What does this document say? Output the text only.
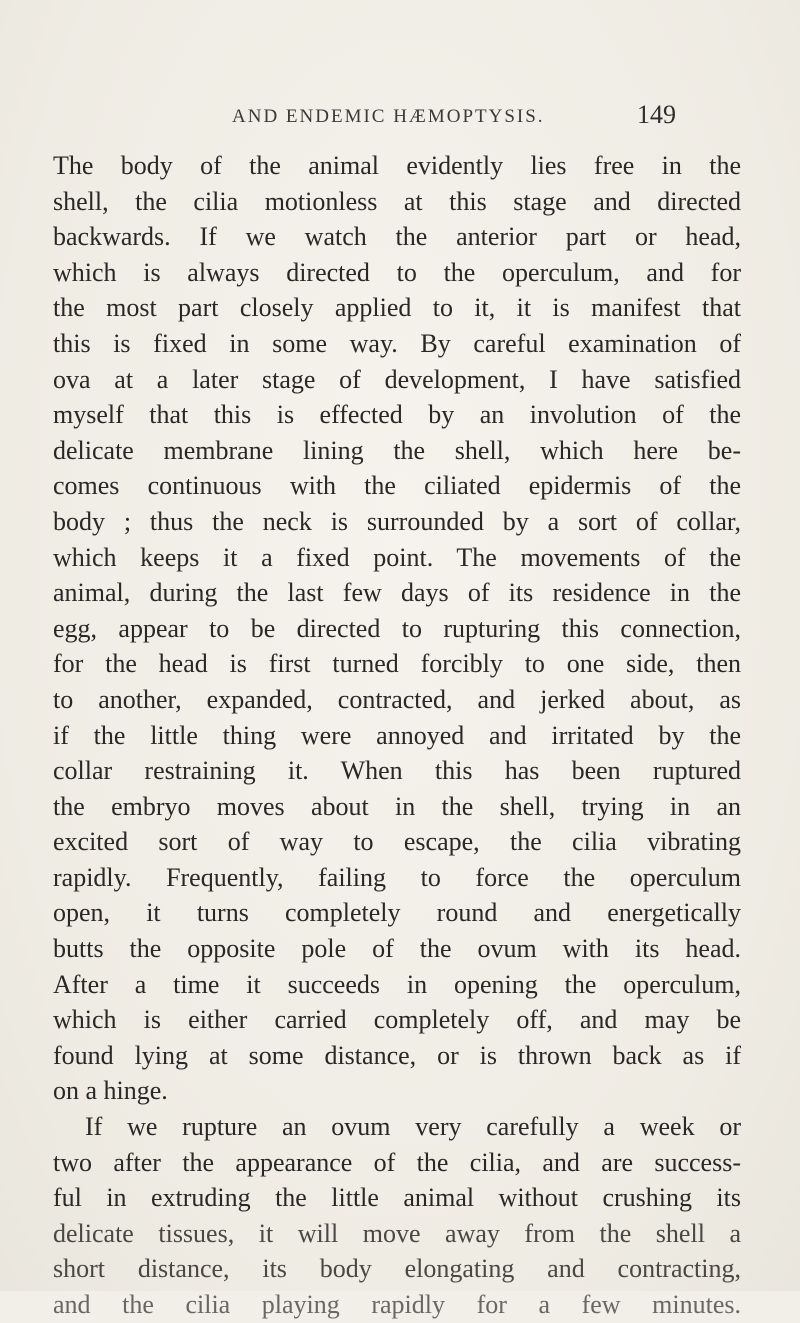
AND ENDEMIC HÆMOPTYSIS.	149
The body of the animal evidently lies free in the
shell, the cilia motionless at this stage and directed
backwards. If we watch the anterior part or head,
which is always directed to the operculum, and for
the most part closely applied to it, it is manifest that
this is fixed in some way. By careful examination of
ova at a later stage of development, I have satisfied
myself that this is effected by an involution of the
delicate membrane lining the shell, which here be-
comes continuous with the ciliated epidermis of the
body ; thus the neck is surrounded by a sort of collar,
which keeps it a fixed point. The movements of the
animal, during the last few days of its residence in the
egg, appear to be directed to rupturing this connection,
for the head is first turned forcibly to one side, then
to another, expanded, contracted, and jerked about, as
if the little thing were annoyed and irritated by the
collar restraining it. When this has been ruptured
the embryo moves about in the shell, trying in an
excited sort of way to escape, the cilia vibrating
rapidly. Frequently, failing to force the operculum
open, it turns completely round and energetically
butts the opposite pole of the ovum with its head.
After a time it succeeds in opening the operculum,
which is either carried completely off, and may be
found lying at some distance, or is thrown back as if
on a hinge.
If we rupture an ovum very carefully a week or
two after the appearance of the cilia, and are success-
ful in extruding the little animal without crushing its
delicate tissues, it will move away from the shell a
short distance, its body elongating and contracting,
and the cilia playing rapidly for a few minutes.
